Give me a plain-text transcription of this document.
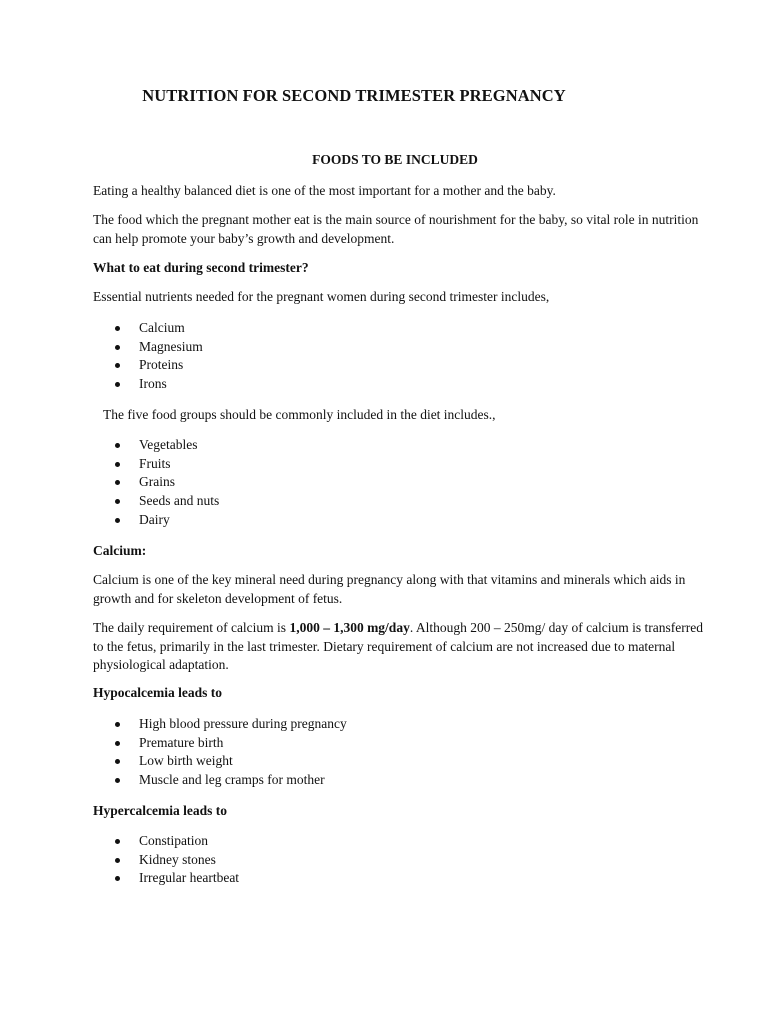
NUTRITION FOR SECOND TRIMESTER PREGNANCY
FOODS TO BE INCLUDED

Eating a healthy balanced diet is one of the most important for a mother and the baby.

The food which the pregnant mother eat is the main source of nourishment for the baby, so vital role in nutrition can help promote your baby’s growth and development.

What to eat during second trimester?

Essential nutrients needed for the pregnant women during second trimester includes,

Calcium
Magnesium
Proteins
Irons

The five food groups should be commonly included in the diet includes.,

Vegetables
Fruits
Grains
Seeds and nuts
Dairy

Calcium:

Calcium is one of the key mineral need during pregnancy along with that vitamins and minerals which aids in growth and for skeleton development of fetus.

The daily requirement of calcium is 1,000 – 1,300 mg/day. Although 200 – 250mg/ day of calcium is transferred to the fetus, primarily in the last trimester. Dietary requirement of calcium are not increased due to maternal physiological adaptation.

Hypocalcemia leads to

High blood pressure during pregnancy
Premature birth
Low birth weight
Muscle and leg cramps for mother

Hypercalcemia leads to

Constipation
Kidney stones
Irregular heartbeat
